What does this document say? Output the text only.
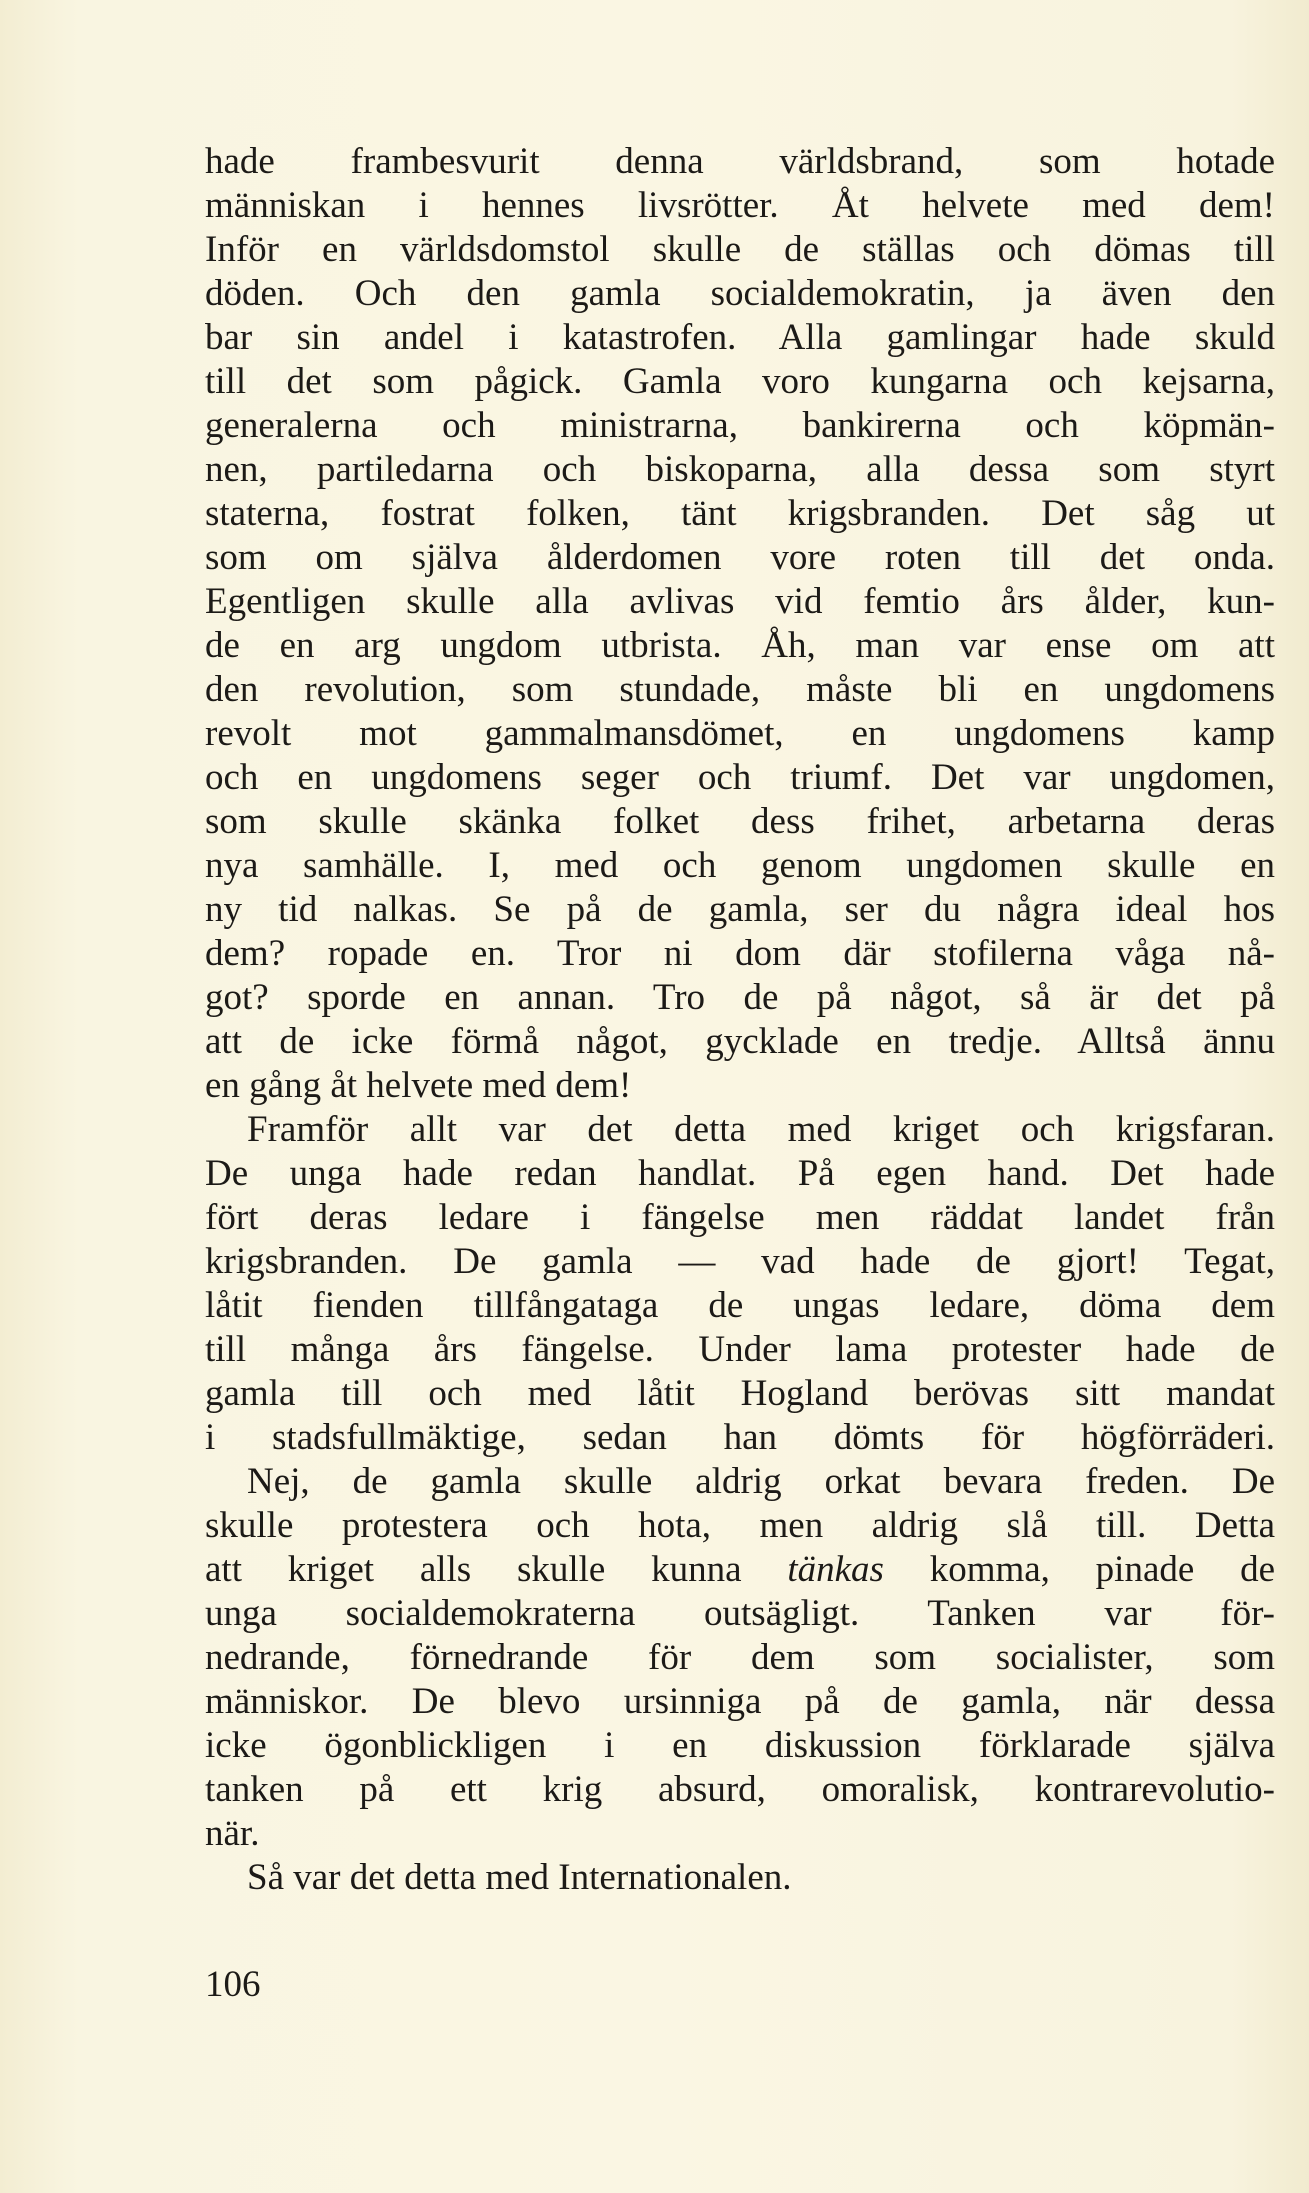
hade frambesvurit denna världsbrand, som hotade
människan i hennes livsrötter. Åt helvete med dem!
Inför en världsdomstol skulle de ställas och dömas till
döden. Och den gamla socialdemokratin, ja även den
bar sin andel i katastrofen. Alla gamlingar hade skuld
till det som pågick. Gamla voro kungarna och kejsarna,
generalerna och ministrarna, bankirerna och köpmän-
nen, partiledarna och biskoparna, alla dessa som styrt
staterna, fostrat folken, tänt krigsbranden. Det såg ut
som om själva ålderdomen vore roten till det onda.
Egentligen skulle alla avlivas vid femtio års ålder, kun-
de en arg ungdom utbrista. Åh, man var ense om att
den revolution, som stundade, måste bli en ungdomens
revolt mot gammalmansdömet, en ungdomens kamp
och en ungdomens seger och triumf. Det var ungdomen,
som skulle skänka folket dess frihet, arbetarna deras
nya samhälle. I, med och genom ungdomen skulle en
ny tid nalkas. Se på de gamla, ser du några ideal hos
dem? ropade en. Tror ni dom där stofilerna våga nå-
got? sporde en annan. Tro de på något, så är det på
att de icke förmå något, gycklade en tredje. Alltså ännu
en gång åt helvete med dem!
Framför allt var det detta med kriget och krigsfaran.
De unga hade redan handlat. På egen hand. Det hade
fört deras ledare i fängelse men räddat landet från
krigsbranden. De gamla — vad hade de gjort! Tegat,
låtit fienden tillfångataga de ungas ledare, döma dem
till många års fängelse. Under lama protester hade de
gamla till och med låtit Hogland berövas sitt mandat
i stadsfullmäktige, sedan han dömts för högförräderi.
Nej, de gamla skulle aldrig orkat bevara freden. De
skulle protestera och hota, men aldrig slå till. Detta
att kriget alls skulle kunna tänkas komma, pinade de
unga socialdemokraterna outsägligt. Tanken var för-
nedrande, förnedrande för dem som socialister, som
människor. De blevo ursinniga på de gamla, när dessa
icke ögonblickligen i en diskussion förklarade själva
tanken på ett krig absurd, omoralisk, kontrarevolutio-
när.
Så var det detta med Internationalen.
106
